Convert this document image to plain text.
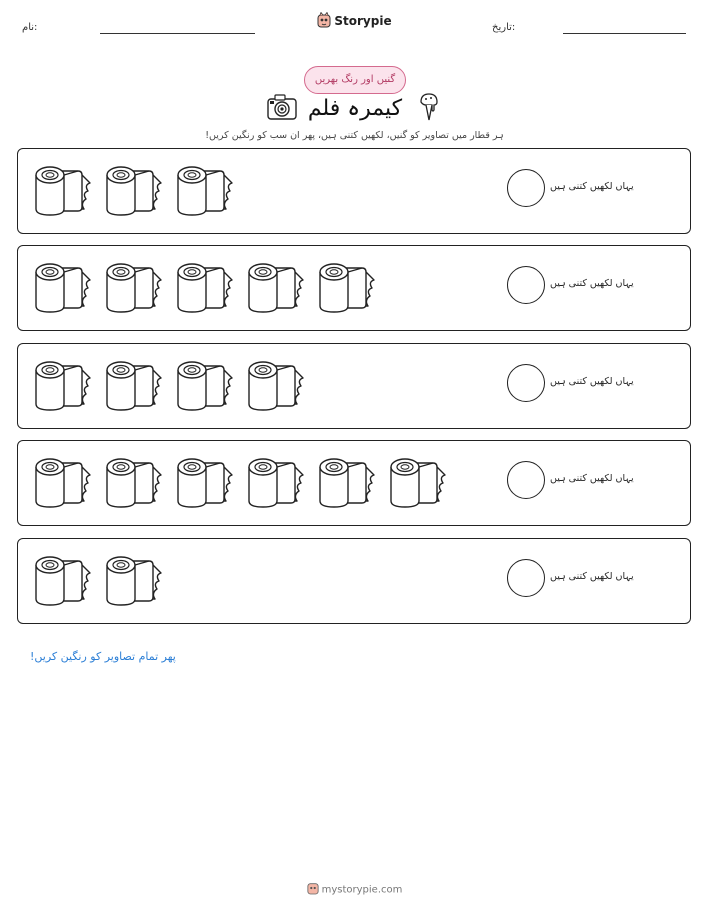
نام:	Storypie	تاریخ:
گنیں اور رنگ بھریں
کیمرہ فلم
ہر قطار میں تصاویر کو گنیں، لکھیں کتنی ہیں، پھر ان سب کو رنگین کریں!
یہاں لکھیں کتنی ہیں
یہاں لکھیں کتنی ہیں
یہاں لکھیں کتنی ہیں
یہاں لکھیں کتنی ہیں
یہاں لکھیں کتنی ہیں
پھر تمام تصاویر کو رنگین کریں!
mystorypie.com
